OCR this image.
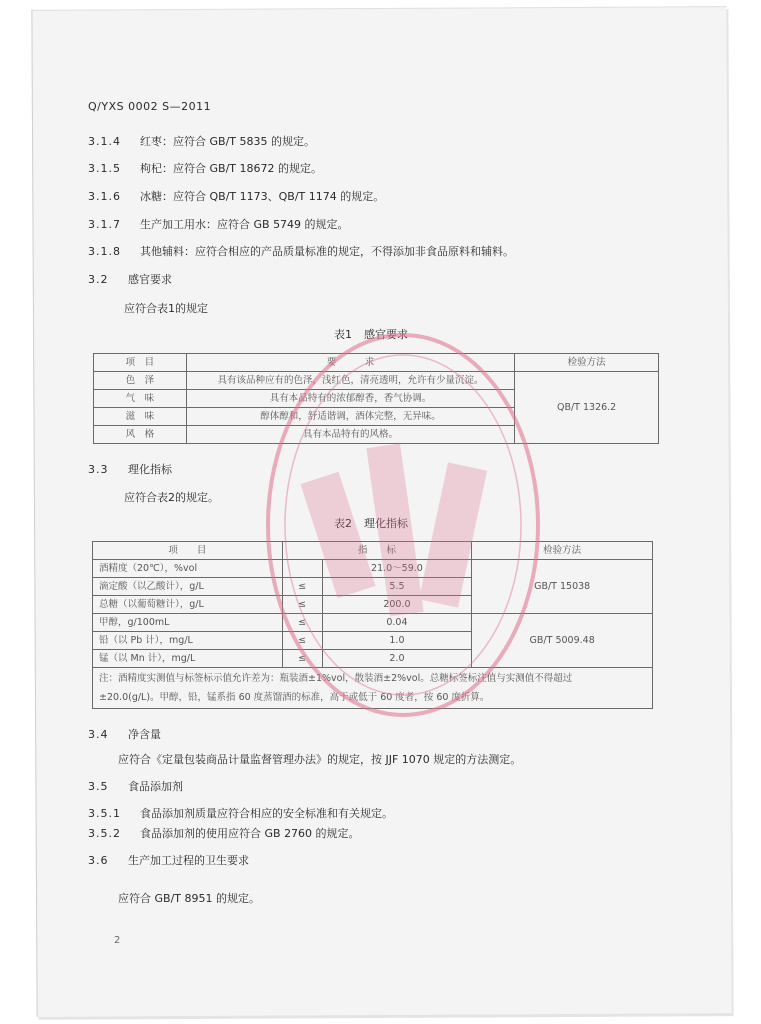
Q/YXS 0002 S—2011
3.1.4 红枣：应符合 GB/T 5835 的规定。
3.1.5 枸杞：应符合 GB/T 18672 的规定。
3.1.6 冰糖：应符合 QB/T 1173、QB/T 1174 的规定。
3.1.7 生产加工用水：应符合 GB 5749 的规定。
3.1.8 其他辅料：应符合相应的产品质量标准的规定，不得添加非食品原料和辅料。
3.2 感官要求
应符合表1的规定
表1 感官要求
项　目	要　　　求	检验方法
色　泽	具有该品种应有的色泽，浅红色，清亮透明，允许有少量沉淀。	QB/T 1326.2
气　味	具有本品特有的浓郁醇香，香气协调。	
滋　味	醇体醇和，舒适谐调，酒体完整，无异味。	
风　格	具有本品特有的风格。	
3.3 理化指标
应符合表2的规定。
表2 理化指标
项　　目	指　　标		检验方法
酒精度（20℃），%vol		21.0～59.0	GB/T 15038
滴定酸（以乙酸计），g/L	≤	5.5	
总糖（以葡萄糖计），g/L	≤	200.0	
甲醇，g/100mL	≤	0.04	GB/T 5009.48
铅（以 Pb 计），mg/L	≤	1.0	
锰（以 Mn 计），mg/L	≤	2.0	

注：酒精度实测值与标签标示值允许差为：瓶装酒±1%vol，散装酒±2%vol。总糖标签标注值与实测值不得超过
±20.0(g/L)。甲醇，铅，锰系指 60 度蒸馏酒的标准，高于或低于 60 度者，按 60 度折算。			
3.4 净含量
应符合《定量包装商品计量监督管理办法》的规定，按 JJF 1070 规定的方法测定。
3.5 食品添加剂
3.5.1 食品添加剂质量应符合相应的安全标准和有关规定。
3.5.2 食品添加剂的使用应符合 GB 2760 的规定。
3.6 生产加工过程的卫生要求
应符合 GB/T 8951 的规定。
2
